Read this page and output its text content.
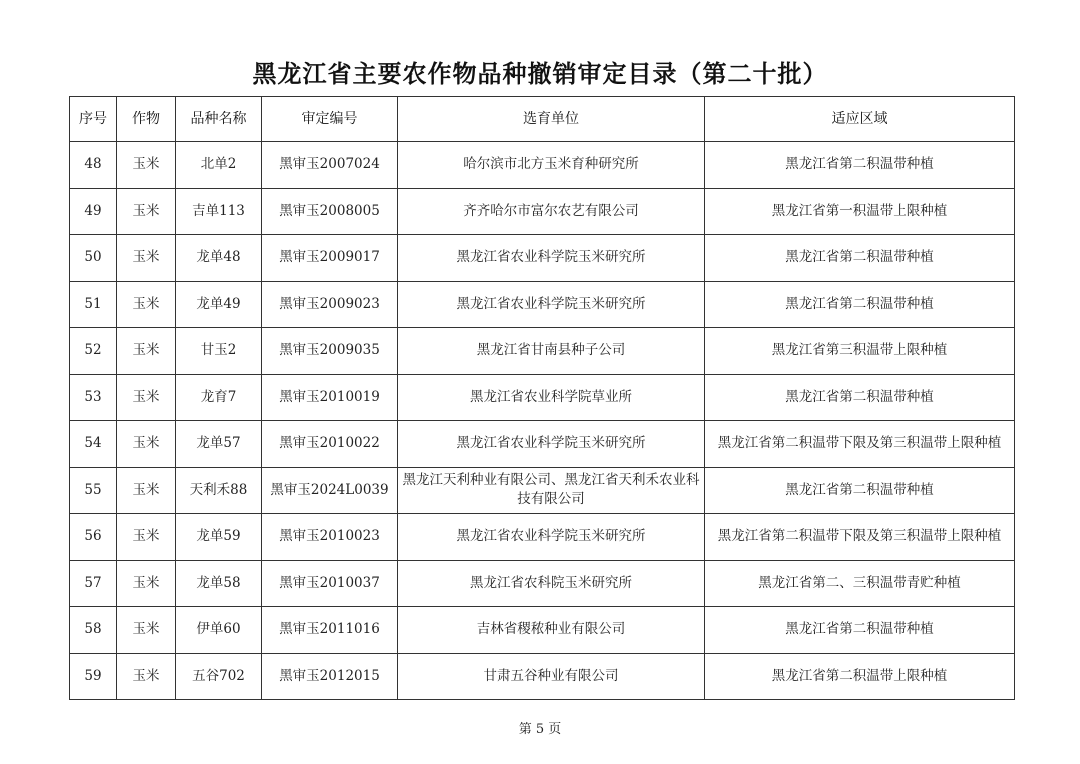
黑龙江省主要农作物品种撤销审定目录（第二十批）
序号	作物	品种名称	审定编号	选育单位	适应区域
48	玉米	北单2	黑审玉2007024	哈尔滨市北方玉米育种研究所	黑龙江省第二积温带种植
49	玉米	吉单113	黑审玉2008005	齐齐哈尔市富尔农艺有限公司	黑龙江省第一积温带上限种植
50	玉米	龙单48	黑审玉2009017	黑龙江省农业科学院玉米研究所	黑龙江省第二积温带种植
51	玉米	龙单49	黑审玉2009023	黑龙江省农业科学院玉米研究所	黑龙江省第二积温带种植
52	玉米	甘玉2	黑审玉2009035	黑龙江省甘南县种子公司	黑龙江省第三积温带上限种植
53	玉米	龙育7	黑审玉2010019	黑龙江省农业科学院草业所	黑龙江省第二积温带种植
54	玉米	龙单57	黑审玉2010022	黑龙江省农业科学院玉米研究所	黑龙江省第二积温带下限及第三积温带上限种植
55	玉米	天利禾88	黑审玉2024L0039	黑龙江天利种业有限公司、黑龙江省天利禾农业科技有限公司	黑龙江省第二积温带种植
56	玉米	龙单59	黑审玉2010023	黑龙江省农业科学院玉米研究所	黑龙江省第二积温带下限及第三积温带上限种植
57	玉米	龙单58	黑审玉2010037	黑龙江省农科院玉米研究所	黑龙江省第二、三积温带青贮种植
58	玉米	伊单60	黑审玉2011016	吉林省稷秾种业有限公司	黑龙江省第二积温带种植
59	玉米	五谷702	黑审玉2012015	甘肃五谷种业有限公司	黑龙江省第二积温带上限种植
第 5 页
